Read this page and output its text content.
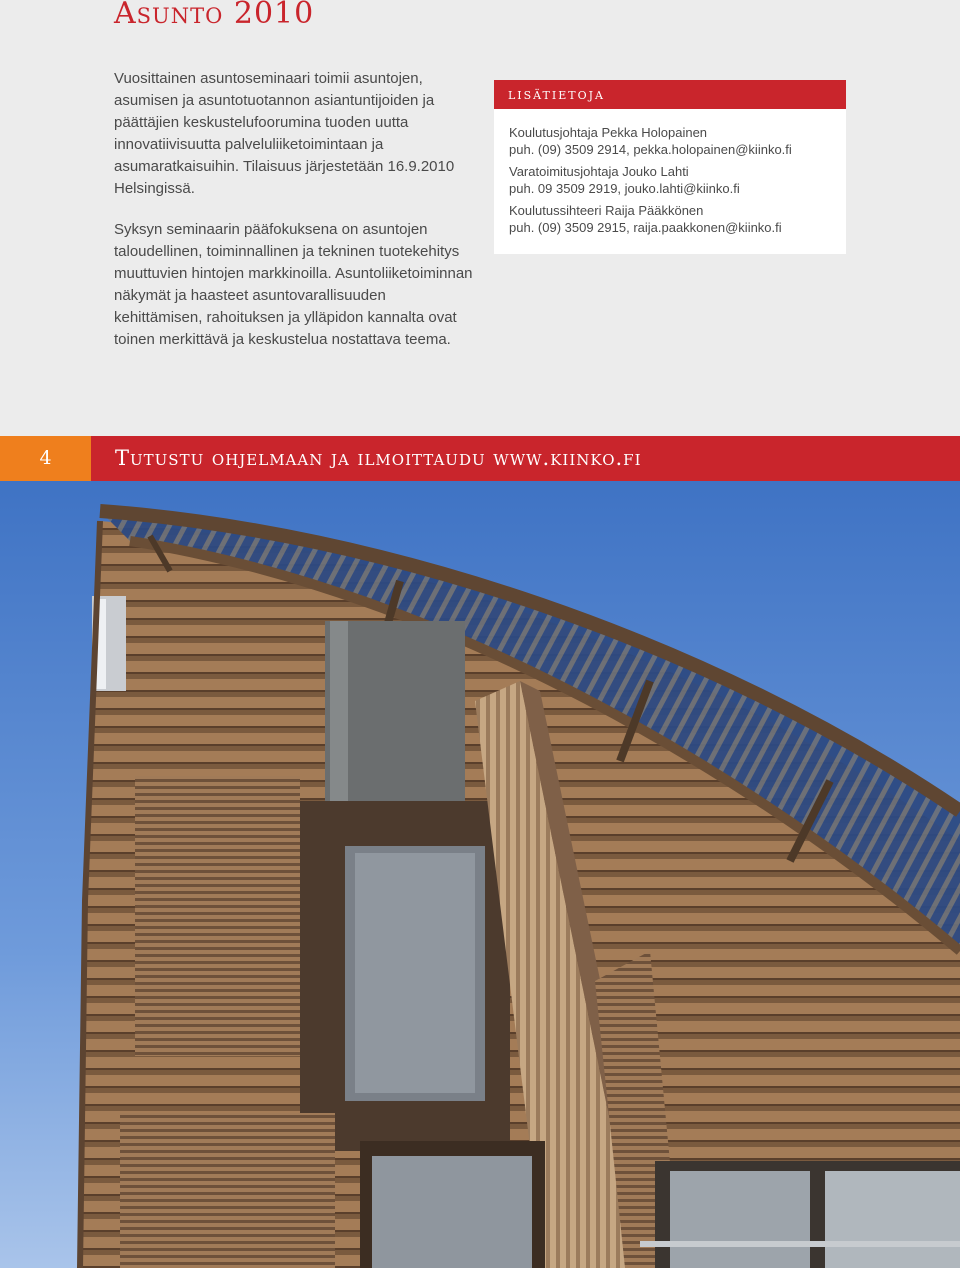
Asunto 2010

Vuosittainen asuntoseminaari toimii asuntojen, asumisen ja asuntotuotannon asiantuntijoiden ja päättäjien keskustelufoorumina tuoden uutta innovatiivisuutta palveluliiketoimintaan ja asumaratkaisuihin. Tilaisuus järjestetään 16.9.2010 Helsingissä.

Syksyn seminaarin pääfokuksena on asuntojen taloudellinen, toiminnallinen ja tekninen tuotekehitys muuttuvien hintojen markkinoilla. Asuntoliiketoiminnan näkymät ja haasteet asuntovarallisuuden kehittämisen, rahoituksen ja ylläpidon kannalta ovat toinen merkittävä ja keskustelua nostattava teema.

lisätietoja
Koulutusjohtaja Pekka Holopainen
puh. (09) 3509 2914, pekka.holopainen@kiinko.fi
Varatoimitusjohtaja Jouko Lahti
puh. 09 3509 2919, jouko.lahti@kiinko.fi
Koulutussihteeri Raija Pääkkönen
puh. (09) 3509 2915, raija.paakkonen@kiinko.fi
4	Tutustu ohjelmaan ja ilmoittaudu www.kiinko.fi
